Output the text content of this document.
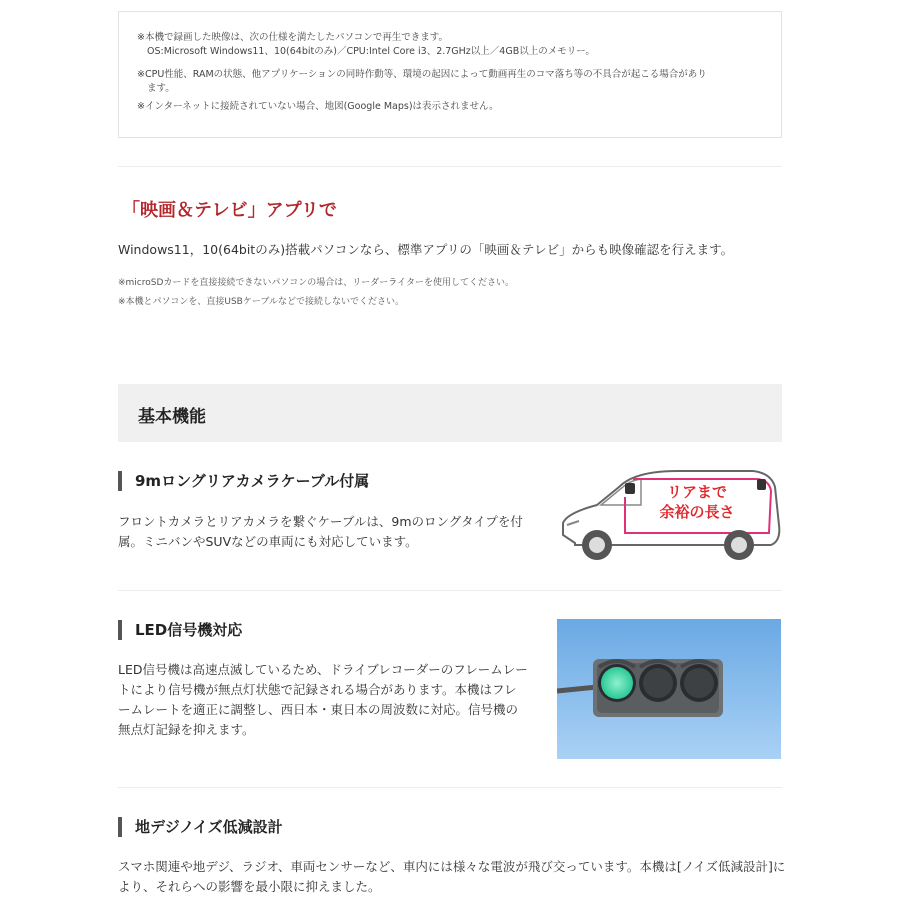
※本機で録画した映像は、次の仕様を満たしたパソコンで再生できます。

OS:Microsoft Windows11、10(64bitのみ)／CPU:Intel Core i3、2.7GHz以上／4GB以上のメモリー。

※CPU性能、RAMの状態、他アプリケーションの同時作動等、環境の起因によって動画再生のコマ落ち等の不具合が起こる場合があり

ます。

※インターネットに接続されていない場合、地図(Google Maps)は表示されません。

「映画＆テレビ」アプリで

Windows11，10(64bitのみ)搭載パソコンなら、標準アプリの「映画＆テレビ」からも映像確認を行えます。

※microSDカードを直接接続できないパソコンの場合は、リーダーライターを使用してください。

※本機とパソコンを、直接USBケーブルなどで接続しないでください。

基本機能
9mロングリアカメラケーブル付属

フロントカメラとリアカメラを繋ぐケーブルは、9mのロングタイプを付属。ミニバンやSUVなどの車両にも対応しています。

リアまで
余裕の長さ
LED信号機対応

LED信号機は高速点滅しているため、ドライブレコーダーのフレームレートにより信号機が無点灯状態で記録される場合があります。本機はフレームレートを適正に調整し、西日本・東日本の周波数に対応。信号機の無点灯記録を抑えます。

地デジノイズ低減設計

スマホ関連や地デジ、ラジオ、車両センサーなど、車内には様々な電波が飛び交っています。本機は[ノイズ低減設計]により、それらへの影響を最小限に抑えました。
